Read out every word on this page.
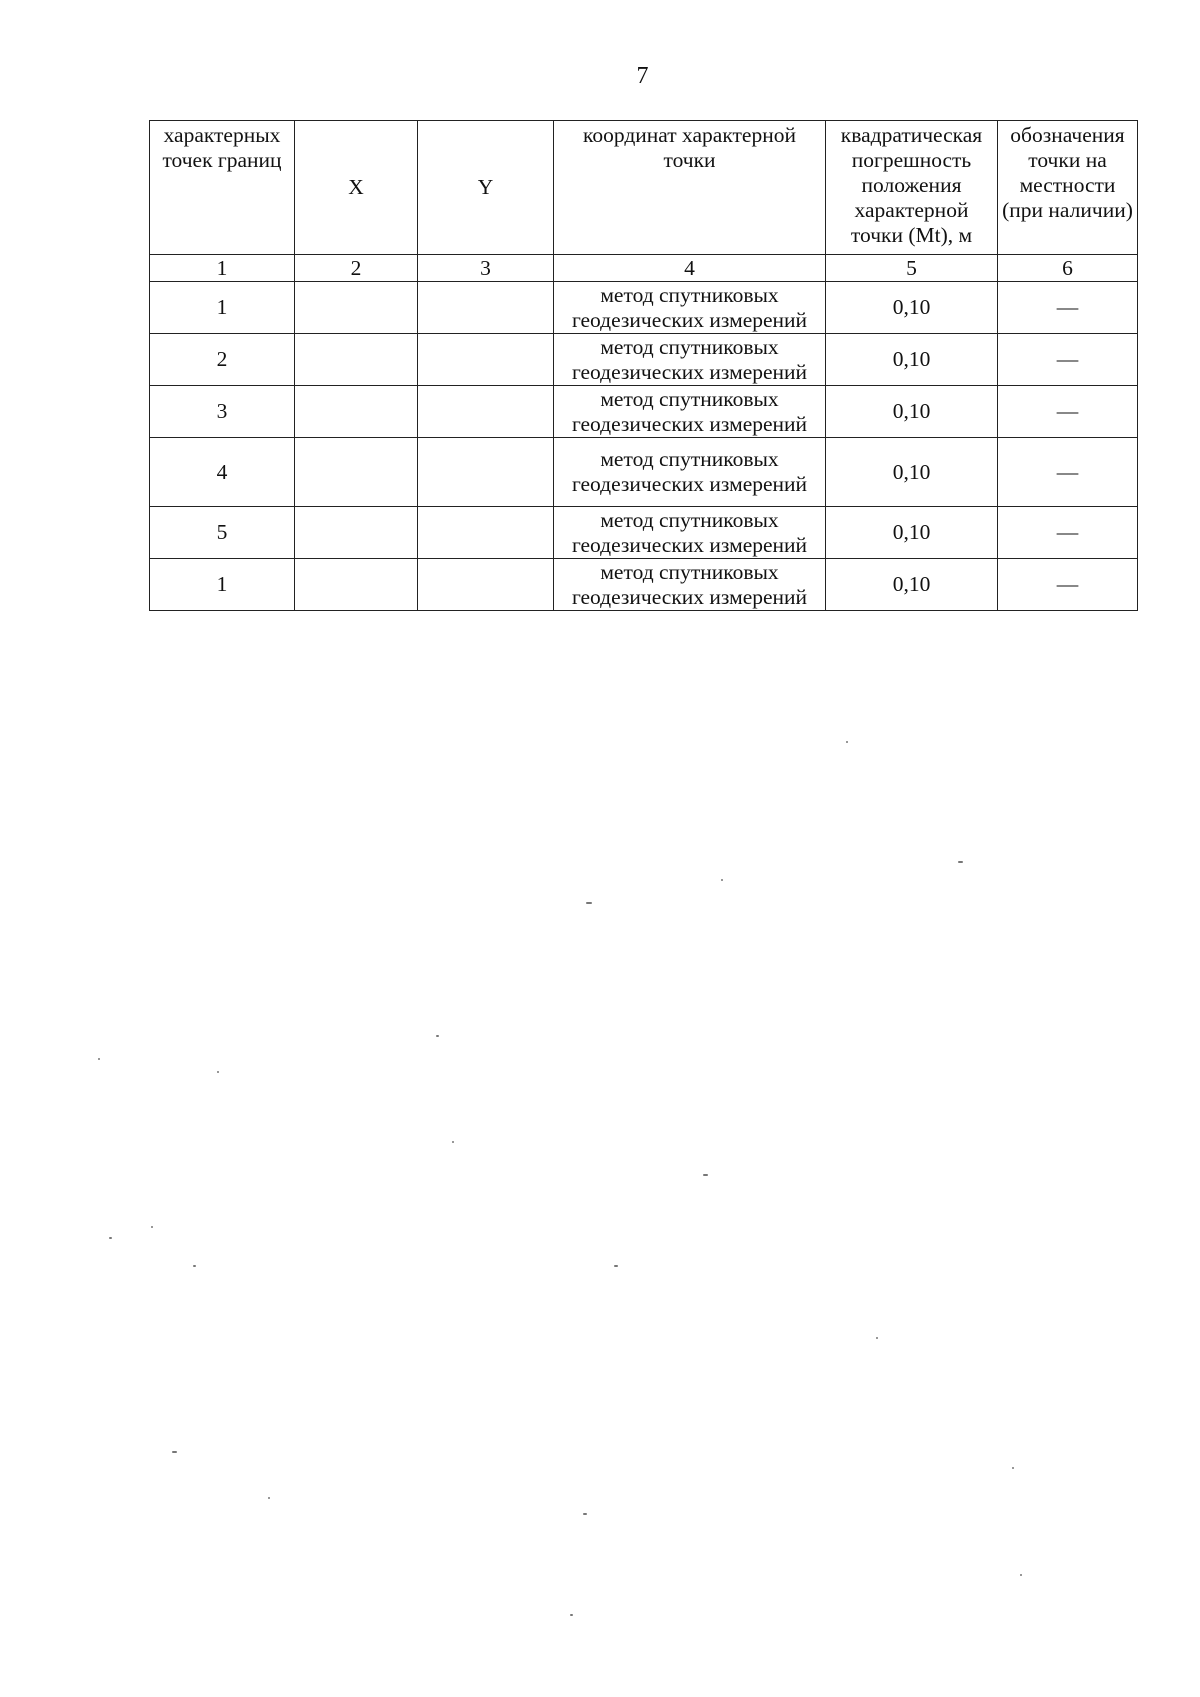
7
характерных точек границ	X	Y	координат характерной точки	квадратическая погрешность положения характерной точки (Mt), м	обозначения точки на местности (при наличии)
1	2	3	4	5	6
1			метод спутниковых геодезических измерений	0,10	—
2			метод спутниковых геодезических измерений	0,10	—
3			метод спутниковых геодезических измерений	0,10	—
4			метод спутниковых геодезических измерений	0,10	—
5			метод спутниковых геодезических измерений	0,10	—
1			метод спутниковых геодезических измерений	0,10	—
